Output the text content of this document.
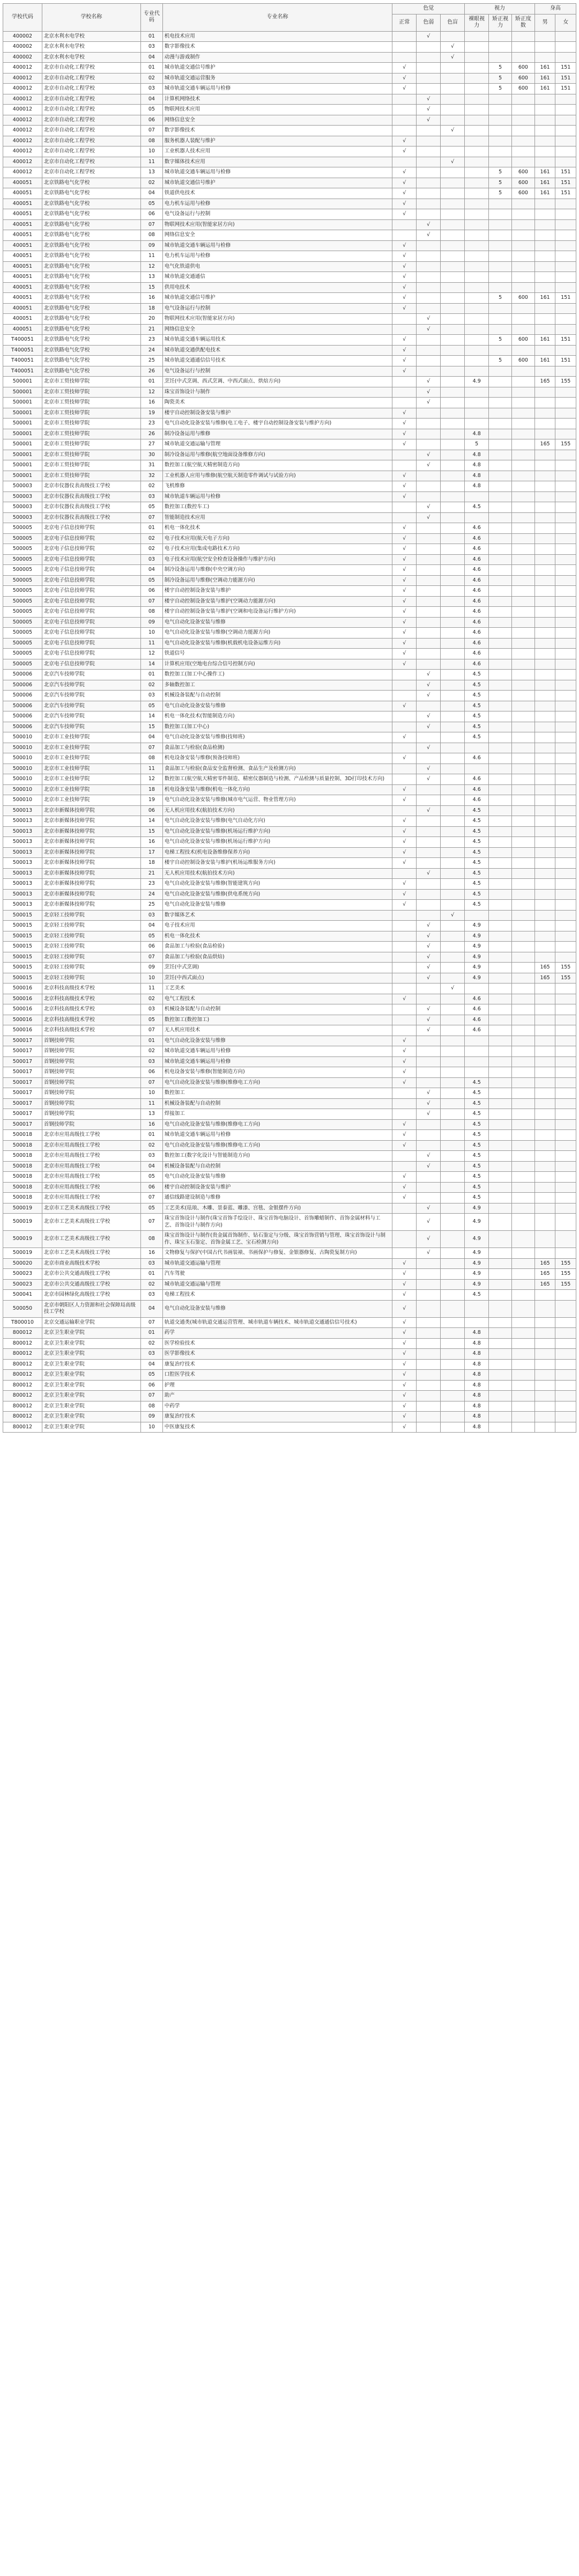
学校代码	学校名称	专业代码	专业名称	色觉			视力			身高	
				正常	色弱	色盲	裸眼视力	矫正视力	矫正度数	男	女
400002	北京水利水电学校	01	机电技术应用		√						
400002	北京水利水电学校	03	数字影像技术			√					
400002	北京水利水电学校	04	动漫与游戏制作			√					
400012	北京市自动化工程学校	01	城市轨道交通信号维护	√				5	600	161	151
400012	北京市自动化工程学校	02	城市轨道交通运营服务	√				5	600	161	151
400012	北京市自动化工程学校	03	城市轨道交通车辆运用与检修	√				5	600	161	151
400012	北京市自动化工程学校	04	计算机网络技术		√						
400012	北京市自动化工程学校	05	物联网技术应用		√						
400012	北京市自动化工程学校	06	网络信息安全		√						
400012	北京市自动化工程学校	07	数字影像技术			√					
400012	北京市自动化工程学校	08	服务机器人装配与维护	√							
400012	北京市自动化工程学校	10	工业机器人技术应用	√							
400012	北京市自动化工程学校	11	数字媒体技术应用			√					
400012	北京市自动化工程学校	13	城市轨道交通车辆运用与检修	√				5	600	161	151
400051	北京铁路电气化学校	02	城市轨道交通信号维护	√				5	600	161	151
400051	北京铁路电气化学校	04	铁道供电技术	√				5	600	161	151
400051	北京铁路电气化学校	05	电力机车运用与检修	√							
400051	北京铁路电气化学校	06	电气设备运行与控制	√							
400051	北京铁路电气化学校	07	物联网技术应用(智能家居方向)		√						
400051	北京铁路电气化学校	08	网络信息安全		√						
400051	北京铁路电气化学校	09	城市轨道交通车辆运用与检修	√							
400051	北京铁路电气化学校	11	电力机车运用与检修	√							
400051	北京铁路电气化学校	12	电气化铁道供电	√							
400051	北京铁路电气化学校	13	城市轨道交通通信	√							
400051	北京铁路电气化学校	15	供用电技术	√							
400051	北京铁路电气化学校	16	城市轨道交通信号维护	√				5	600	161	151
400051	北京铁路电气化学校	18	电气设备运行与控制	√							
400051	北京铁路电气化学校	20	物联网技术应用(智能家居方向)		√						
400051	北京铁路电气化学校	21	网络信息安全		√						
T400051	北京铁路电气化学校	23	城市轨道交通车辆运用技术	√				5	600	161	151
T400051	北京铁路电气化学校	24	城市轨道交通供配电技术	√							
T400051	北京铁路电气化学校	25	城市轨道交通通信信号技术	√				5	600	161	151
T400051	北京铁路电气化学校	26	电气设备运行与控制	√							
500001	北京市工贸技师学院	01	烹饪(中式烹调、西式烹调、中西式面点、烘焙方向)		√		4.9			165	155
500001	北京市工贸技师学院	12	珠宝首饰设计与制作		√						
500001	北京市工贸技师学院	16	陶瓷美术		√						
500001	北京市工贸技师学院	19	楼宇自动控制设备安装与维护	√							
500001	北京市工贸技师学院	23	电气自动化设备安装与维修(电工电子、楼宇自动控制设备安装与维护方向)	√							
500001	北京市工贸技师学院	26	制冷设备运用与维修	√			4.8				
500001	北京市工贸技师学院	27	城市轨道交通运输与管理	√			5			165	155
500001	北京市工贸技师学院	30	制冷设备运用与维修(航空地面设备维修方向)		√		4.8				
500001	北京市工贸技师学院	31	数控加工(航空航天精密制造方向)		√		4.8				
500001	北京市工贸技师学院	32	工业机器人应用与维修(航空航天制造零件调试与试验方向)	√			4.8				
500003	北京市仪器仪表高级技工学校	02	飞机维修	√			4.8				
500003	北京市仪器仪表高级技工学校	03	城市轨道车辆运用与检修	√							
500003	北京市仪器仪表高级技工学校	05	数控加工(数控车工)		√		4.5				
500003	北京市仪器仪表高级技工学校	07	智能制造技术应用		√						
500005	北京电子信息技师学院	01	机电一体化技术	√			4.6				
500005	北京电子信息技师学院	02	电子技术应用(航天电子方向)	√			4.6				
500005	北京电子信息技师学院	02	电子技术应用(集成电路技术方向)	√			4.6				
500005	北京电子信息技师学院	03	电子技术应用(航空安全检查设备操作与维护方向)	√			4.6				
500005	北京电子信息技师学院	04	制冷设备运用与维修(中央空调方向)	√			4.6				
500005	北京电子信息技师学院	05	制冷设备运用与维修(空调动力能源方向)	√			4.6				
500005	北京电子信息技师学院	06	楼宇自动控制设备安装与维护	√			4.6				
500005	北京电子信息技师学院	07	楼宇自动控制设备安装与维护(空调动力能源方向)	√			4.6				
500005	北京电子信息技师学院	08	楼宇自动控制设备安装与维护(空调和电设备运行维护方向)	√			4.6				
500005	北京电子信息技师学院	09	电气自动化设备安装与维修	√			4.6				
500005	北京电子信息技师学院	10	电气自动化设备安装与维修(空调动力能源方向)	√			4.6				
500005	北京电子信息技师学院	11	电气自动化设备安装与维修(机载机电设备运维方向)	√			4.6				
500005	北京电子信息技师学院	12	铁道信号	√			4.6				
500005	北京电子信息技师学院	14	计算机应用(空地电台综合信号控制方向)	√			4.6				
500006	北京汽车技师学院	01	数控加工(加工中心操作工)		√		4.5				
500006	北京汽车技师学院	02	多轴数控加工		√		4.5				
500006	北京汽车技师学院	03	机械设备装配与自动控制		√		4.5				
500006	北京汽车技师学院	05	电气自动化设备安装与维修	√			4.5				
500006	北京汽车技师学院	14	机电一体化技术(智能制造方向)		√		4.5				
500006	北京汽车技师学院	15	数控加工(加工中心)		√		4.5				
500010	北京市工业技师学院	04	电气自动化设备安装与维修(技师班)	√			4.5				
500010	北京市工业技师学院	07	食品加工与检验(食品检测)		√						
500010	北京市工业技师学院	08	机电设备安装与维修(预备技师班)	√			4.6				
500010	北京市工业技师学院	11	食品加工与检验(食品安全监督检测、食品生产及检测方向)		√						
500010	北京市工业技师学院	12	数控加工(航空航天精密零件制造、精密仪器制造与检测、产品检测与质量控制、3D打印技术方向)		√		4.6				
500010	北京市工业技师学院	18	机电设备安装与维修(机电一体化方向)	√			4.6				
500010	北京市工业技师学院	19	电气自动化设备安装与维修(城市电气运营、物业管理方向)	√			4.6				
500013	北京市新媒体技师学院	06	无人机应用技术(航拍技术方向)		√		4.5				
500013	北京市新媒体技师学院	14	电气自动化设备安装与维修(电气自动化方向)	√			4.5				
500013	北京市新媒体技师学院	15	电气自动化设备安装与维修(机场运行维护方向)	√			4.5				
500013	北京市新媒体技师学院	16	电气自动化设备安装与维修(机场运行维护方向)	√			4.5				
500013	北京市新媒体技师学院	17	电梯工程技术(机电设备维修保养方向)	√			4.5				
500013	北京市新媒体技师学院	18	楼宇自动控制设备安装与维护(机场运维服务方向)	√			4.5				
500013	北京市新媒体技师学院	21	无人机应用技术(航拍技术方向)		√		4.5				
500013	北京市新媒体技师学院	23	电气自动化设备安装与维修(智能建筑方向)	√			4.5				
500013	北京市新媒体技师学院	24	电气自动化设备安装与维修(供电系统方向)	√			4.5				
500013	北京市新媒体技师学院	25	电气自动化设备安装与维修	√			4.5				
500015	北京轻工技师学院	03	数字媒体艺术			√					
500015	北京轻工技师学院	04	电子技术应用		√		4.9				
500015	北京轻工技师学院	05	机电一体化技术		√		4.9				
500015	北京轻工技师学院	06	食品加工与检验(食品检验)		√		4.9				
500015	北京轻工技师学院	07	食品加工与检验(食品烘焙)		√		4.9				
500015	北京轻工技师学院	09	烹饪(中式烹调)		√		4.9			165	155
500015	北京轻工技师学院	10	烹饪(中西式面点)		√		4.9			165	155
500016	北京科技高级技术学校	11	工艺美术			√					
500016	北京科技高级技术学校	02	电气工程技术	√			4.6				
500016	北京科技高级技术学校	03	机械设备装配与自动控制		√		4.6				
500016	北京科技高级技术学校	05	数控加工(数控加工)		√		4.6				
500016	北京科技高级技术学校	07	无人机应用技术		√		4.6				
500017	首钢技师学院	01	电气自动化设备安装与维修	√							
500017	首钢技师学院	02	城市轨道交通车辆运用与检修	√							
500017	首钢技师学院	03	城市轨道交通车辆运用与检修	√							
500017	首钢技师学院	06	机电设备安装与维修(智能制造方向)	√							
500017	首钢技师学院	07	电气自动化设备安装与维修(维修电工方向)	√			4.5				
500017	首钢技师学院	10	数控加工		√		4.5				
500017	首钢技师学院	11	机械设备装配与自动控制		√		4.5				
500017	首钢技师学院	13	焊接加工		√		4.5				
500017	首钢技师学院	16	电气自动化设备安装与维修(维修电工方向)	√			4.5				
500018	北京市应用高级技工学校	01	城市轨道交通车辆运用与检修	√			4.5				
500018	北京市应用高级技工学校	02	电气自动化设备安装与维修(维修电工方向)	√			4.5				
500018	北京市应用高级技工学校	03	数控加工(数字化设计与智能制造方向)		√		4.5				
500018	北京市应用高级技工学校	04	机械设备装配与自动控制		√		4.5				
500018	北京市应用高级技工学校	05	电气自动化设备安装与维修	√			4.5				
500018	北京市应用高级技工学校	06	楼宇自动控制设备安装与维护	√			4.5				
500018	北京市应用高级技工学校	07	通信线路建设制造与维修	√			4.5				
500019	北京市工艺美术高级技工学校	05	工艺美术(珐琅、木雕、景泰蓝、雕漆、宫毯、金银摆件方向)		√		4.9				
500019	北京市工艺美术高级技工学校	07	珠宝首饰设计与制作(珠宝首饰手绘设计、珠宝首饰电脑设计、首饰雕蜡制作、首饰金属材料与工艺、首饰设计与制作方向)		√		4.9				
500019	北京市工艺美术高级技工学校	08	珠宝首饰设计与制作(贵金属首饰制作、钻石鉴定与分级、珠宝首饰营销与管理、珠宝首饰设计与制作、珠宝玉石鉴定、首饰金属工艺、宝石检测方向)		√		4.9				
500019	北京市工艺美术高级技工学校	16	文物修复与保护(中国古代书画装裱、书画保护与修复、金银器修复、古陶瓷复制方向)		√		4.9				
500020	北京市商业高级技术学校	03	城市轨道交通运输与管理	√			4.9			165	155
500023	北京市公共交通高级技工学校	01	汽车驾驶	√			4.9			165	155
500023	北京市公共交通高级技工学校	02	城市轨道交通运输与管理	√			4.9			165	155
500041	北京市园林绿化高级技工学校	03	电梯工程技术	√			4.5				
500050	北京市朝阳区人力资源和社会保障局高级技工学校	04	电气自动化设备安装与维修	√							
T800010	北京交通运输职业学院	07	轨道交通类(城市轨道交通运营管理、城市轨道车辆技术、城市轨道交通通信信号技术)	√							
800012	北京卫生职业学院	01	药学	√			4.8				
800012	北京卫生职业学院	02	医学检验技术	√			4.8				
800012	北京卫生职业学院	03	医学影像技术	√			4.8				
800012	北京卫生职业学院	04	康复治疗技术	√			4.8				
800012	北京卫生职业学院	05	口腔医学技术	√			4.8				
800012	北京卫生职业学院	06	护理	√			4.8				
800012	北京卫生职业学院	07	助产	√			4.8				
800012	北京卫生职业学院	08	中药学	√			4.8				
800012	北京卫生职业学院	09	康复治疗技术	√			4.8				
800012	北京卫生职业学院	10	中医康复技术	√			4.8				
